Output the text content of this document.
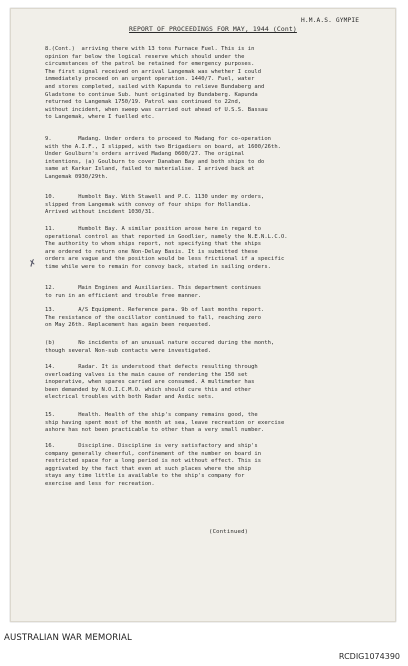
H.M.A.S. GYMPIE
REPORT OF PROCEEDINGS FOR MAY, 1944 (Cont)
8.(Cont.)  arriving there with 13 tons Furnace Fuel. This is in
opinion far below the logical reserve which should under the
circumstances of the patrol be retained for emergency purposes.
The first signal received on arrival Langemak was whether I could
immediately proceed on an urgent operation. 1440/7. Fuel, water
and stores completed, sailed with Kapunda to relieve Bundaberg and
Gladstone to continue Sub. hunt originated by Bundaberg. Kapunda
returned to Langemak 1750/19. Patrol was continued to 22nd,
without incident, when sweep was carried out ahead of U.S.S. Bassau
to Langemak, where I fuelled etc.
9.        Madang. Under orders to proceed to Madang for co-operation
with the A.I.F., I slipped, with two Brigadiers on board, at 1600/26th.
Under Goulburn's orders arrived Madang 0600/27. The original
intentions, (a) Goulburn to cover Danaban Bay and both ships to do
same at Karkar Island, failed to materialise. I arrived back at
Langemak 0930/29th.
10.       Humbolt Bay. With Stawell and P.C. 1130 under my orders,
slipped from Langemak with convoy of four ships for Hollandia.
Arrived without incident 1030/31.
11.       Humbolt Bay. A similar position arose here in regard to
operational control as that reported in Goodlier, namely the N.E.N.L.C.O.
The authority to whom ships report, not specifying that the ships
are ordered to return one Non-Delay Basis. It is submitted these
orders are vague and the position would be less frictional if a specific
time while were to remain for convoy back, stated in sailing orders.
12.       Main Engines and Auxiliaries. This department continues
to run in an efficient and trouble free manner.
13.       A/S Equipment. Reference para. 9b of last months report.
The resistance of the oscillator continued to fall, reaching zero
on May 26th. Replacement has again been requested.
(b)       No incidents of an unusual nature occured during the month,
though several Non-sub contacts were investigated.
14.       Radar. It is understood that defects resulting through
overloading valves is the main cause of rendering the 150 set
inoperative, when spares carried are consumed. A multimeter has
been demanded by N.O.I.C.M.O. which should cure this and other
electrical troubles with both Radar and Asdic sets.
15.       Health. Health of the ship's company remains good, the
ship having spent most of the month at sea, leave recreation or exercise
ashore has not been practicable to other than a very small number.
16.       Discipline. Discipline is very satisfactory and ship's
company generally cheerful, confinement of the number on board in
restricted space for a long period is not without effect. This is
aggrivated by the fact that even at such places where the ship
stays any time little is available to the ship's company for
exercise and less for recreation.
✗
(Continued)
AUSTRALIAN WAR MEMORIAL
RCDIG1074390
